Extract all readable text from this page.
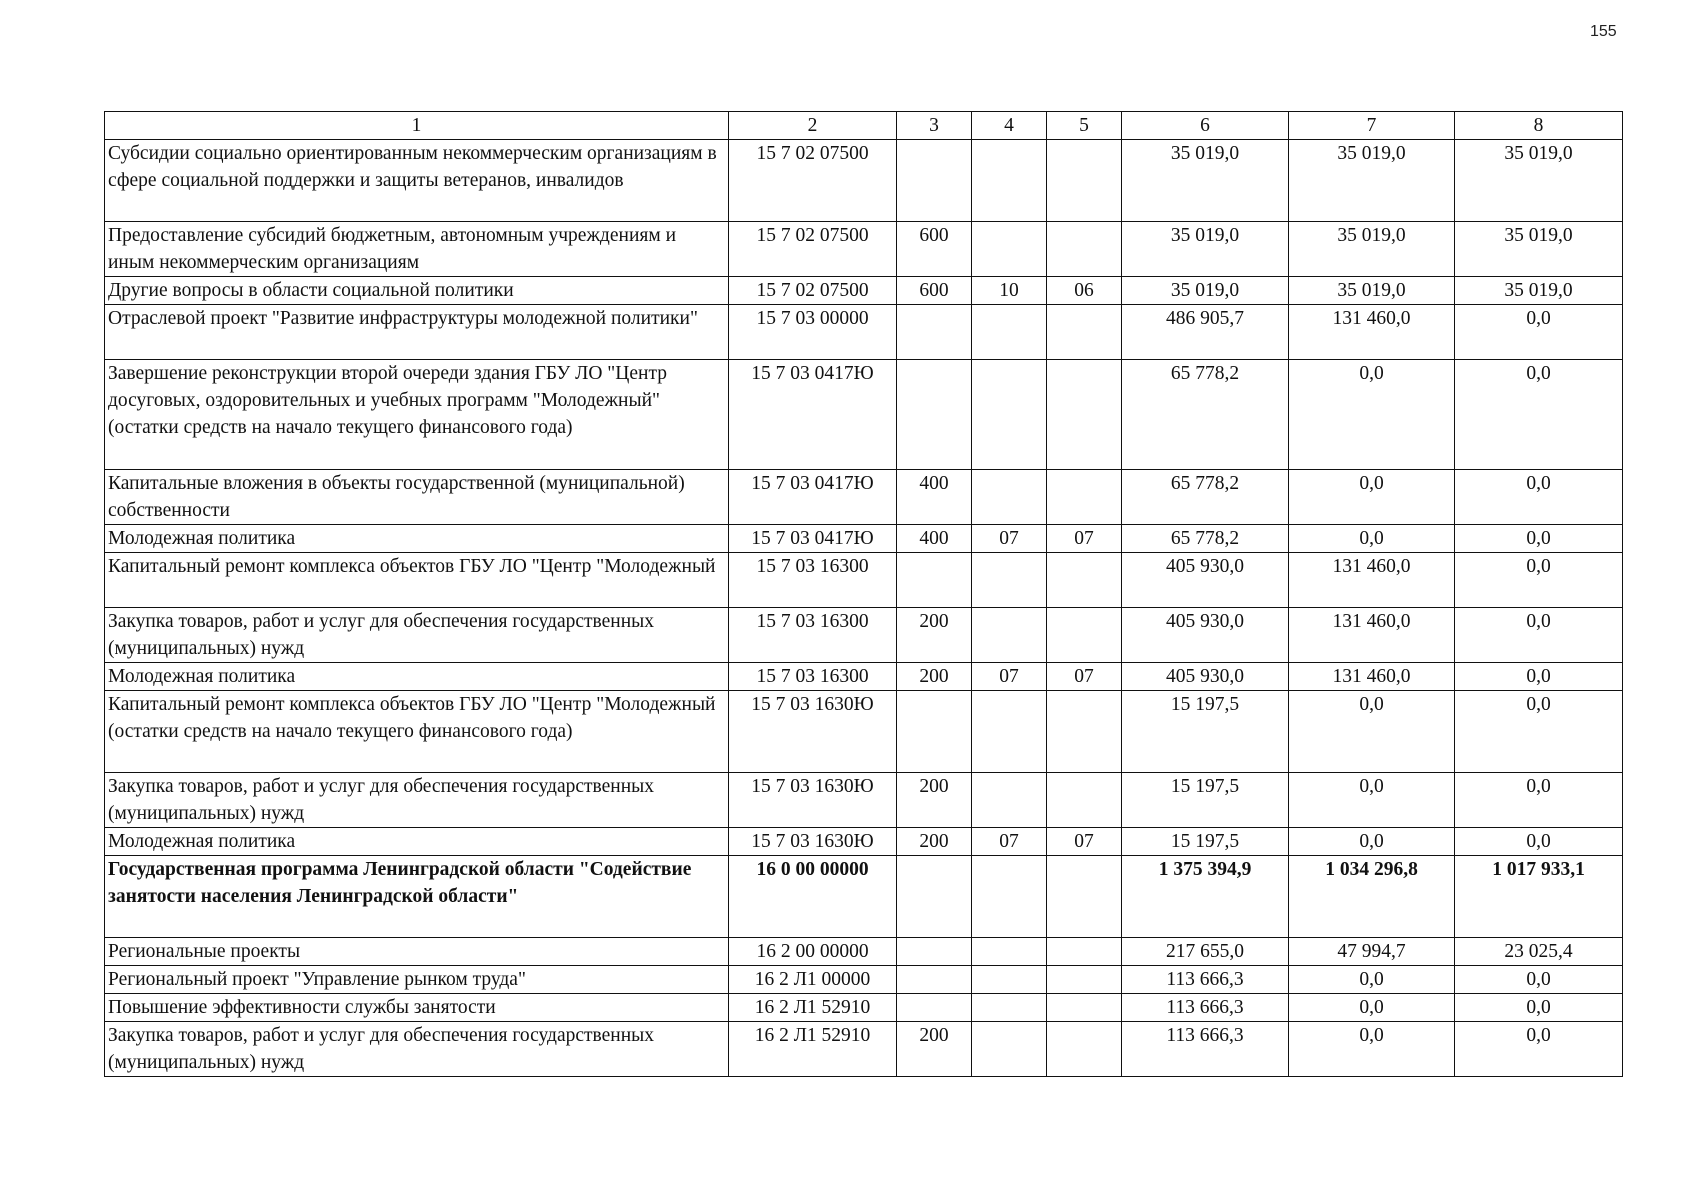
155
1	2	3	4	5	6	7	8
Субсидии социально ориентированным некоммерческим организациям в сфере социальной поддержки и защиты ветеранов, инвалидов	15 7 02 07500				35 019,0	35 019,0	35 019,0
Предоставление субсидий бюджетным, автономным учреждениям и иным некоммерческим организациям	15 7 02 07500	600			35 019,0	35 019,0	35 019,0
Другие вопросы в области социальной политики	15 7 02 07500	600	10	06	35 019,0	35 019,0	35 019,0
Отраслевой проект "Развитие инфраструктуры молодежной политики"	15 7 03 00000				486 905,7	131 460,0	0,0
Завершение реконструкции второй очереди здания ГБУ ЛО "Центр досуговых, оздоровительных и учебных программ "Молодежный" (остатки средств на начало текущего финансового года)	15 7 03 0417Ю				65 778,2	0,0	0,0
Капитальные вложения в объекты государственной (муниципальной) собственности	15 7 03 0417Ю	400			65 778,2	0,0	0,0
Молодежная политика	15 7 03 0417Ю	400	07	07	65 778,2	0,0	0,0
Капитальный ремонт комплекса объектов ГБУ ЛО "Центр "Молодежный	15 7 03 16300				405 930,0	131 460,0	0,0
Закупка товаров, работ и услуг для обеспечения государственных (муниципальных) нужд	15 7 03 16300	200			405 930,0	131 460,0	0,0
Молодежная политика	15 7 03 16300	200	07	07	405 930,0	131 460,0	0,0
Капитальный ремонт комплекса объектов ГБУ ЛО "Центр "Молодежный (остатки средств на начало текущего финансового года)	15 7 03 1630Ю				15 197,5	0,0	0,0
Закупка товаров, работ и услуг для обеспечения государственных (муниципальных) нужд	15 7 03 1630Ю	200			15 197,5	0,0	0,0
Молодежная политика	15 7 03 1630Ю	200	07	07	15 197,5	0,0	0,0
Государственная программа Ленинградской области "Содействие занятости населения Ленинградской области"	16 0 00 00000				1 375 394,9	1 034 296,8	1 017 933,1
Региональные проекты	16 2 00 00000				217 655,0	47 994,7	23 025,4
Региональный проект "Управление рынком труда"	16 2 Л1 00000				113 666,3	0,0	0,0
Повышение эффективности службы занятости	16 2 Л1 52910				113 666,3	0,0	0,0
Закупка товаров, работ и услуг для обеспечения государственных (муниципальных) нужд	16 2 Л1 52910	200			113 666,3	0,0	0,0
